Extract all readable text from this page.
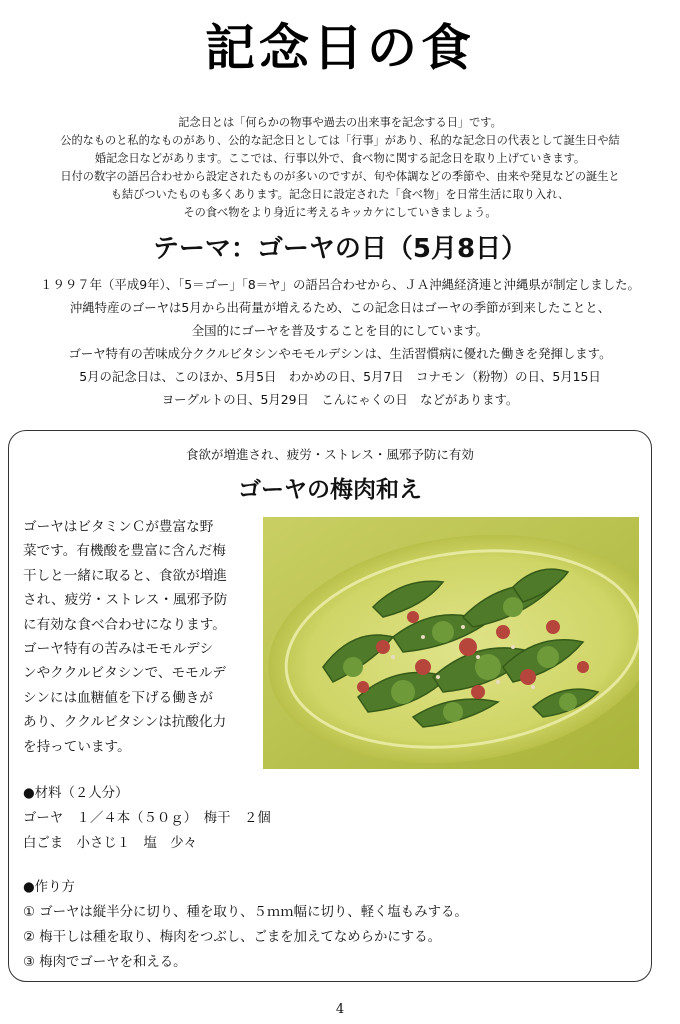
記念日の食
記念日とは「何らかの物事や過去の出来事を記念する日」です。
公的なものと私的なものがあり、公的な記念日としては「行事」があり、私的な記念日の代表として誕生日や結
婚記念日などがあります。ここでは、行事以外で、食べ物に関する記念日を取り上げていきます。
日付の数字の語呂合わせから設定されたものが多いのですが、旬や体調などの季節や、由来や発見などの誕生と
も結びついたものも多くあります。記念日に設定された「食べ物」を日常生活に取り入れ、
その食べ物をより身近に考えるキッカケにしていきましょう。
テーマ：ゴーヤの日（5月8日）
１９９７年（平成9年）、「5＝ゴー」「8＝ヤ」の語呂合わせから、ＪＡ沖縄経済連と沖縄県が制定しました。
沖縄特産のゴーヤは5月から出荷量が増えるため、この記念日はゴーヤの季節が到来したことと、
全国的にゴーヤを普及することを目的にしています。
ゴーヤ特有の苦味成分ククルビタシンやモモルデシンは、生活習慣病に優れた働きを発揮します。
5月の記念日は、このほか、5月5日　わかめの日、5月7日　コナモン（粉物）の日、5月15日
ヨーグルトの日、5月29日　こんにゃくの日　などがあります。
食欲が増進され、疲労・ストレス・風邪予防に有効
ゴーヤの梅肉和え
ゴーヤはビタミンＣが豊富な野
菜です。有機酸を豊富に含んだ梅
干しと一緒に取ると、食欲が増進
され、疲労・ストレス・風邪予防
に有効な食べ合わせになります。
ゴーヤ特有の苦みはモモルデシ
ンやククルビタシンで、モモルデ
シンには血糖値を下げる働きが
あり、ククルビタシンは抗酸化力
を持っています。
●材料（２人分）
ゴーヤ　１／４本（５０ｇ）　梅干　２個
白ごま　小さじ１　塩　少々
●作り方
① ゴーヤは縦半分に切り、種を取り、５ｍｍ幅に切り、軽く塩もみする。
② 梅干しは種を取り、梅肉をつぶし、ごまを加えてなめらかにする。
③ 梅肉でゴーヤを和える。
4
